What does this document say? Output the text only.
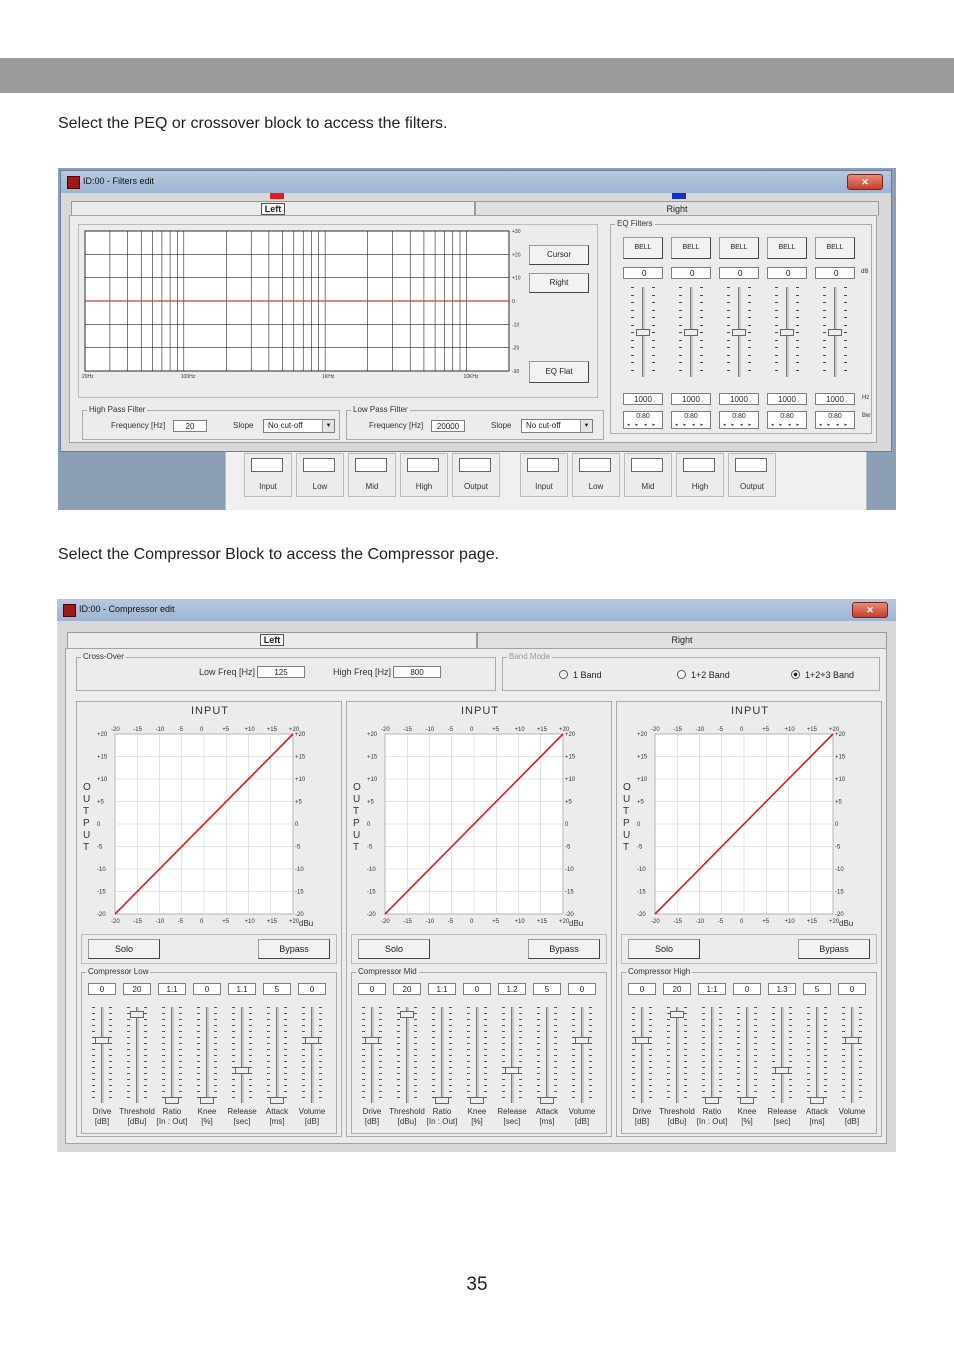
Select the PEQ or crossover block to access the filters.
Select the Compressor Block to access the Compressor page.
Input	Low	Mid	High	Output	Input	Low	Mid	High	Output
ID:00 - Filters edit	✕
Left	Right
+30
+20
+10
0
-10
-20
-30
20Hz	100Hz	1KHz	10KHz
Cursor
Right
EQ Flat
High Pass Filter
Frequency [Hz]	20	Slope	No cut-off	▼
Low Pass Filter
Frequency [Hz]	20000	Slope	No cut-off	▼
EQ Filters
BELL
0
1000
0.80
◂▸◂▸
BELL
0
1000
0.80
◂▸◂▸
BELL
0
1000
0.80
◂▸◂▸
BELL
0
1000
0.80
◂▸◂▸
BELL
0
1000
0.80
◂▸◂▸
dB
Hz
Bw
ID:00 - Compressor edit	✕
Left	Right
Cross-Over
Low Freq [Hz]	125	High Freq [Hz]	800
Band Mode
1 Band	1+2 Band	1+2+3 Band
INPUT
O
U
T
P
U
T
-20
-20
-20	-20
-15
-15
-15	-15
-10
-10
-10	-10
-5
-5
-5	-5
0
0
0	0
+5
+5
+5	+5
+10
+10
+10	+10
+15
+15
+15	+15
+20
+20
+20	+20
dBu
Solo	Bypass
Compressor Low
0
Drive
[dB]
20
Threshold
[dBu]
1:1
Ratio
[In : Out]
0
Knee
[%]
1.1
Release
[sec]
5
Attack
[ms]
0
Volume
[dB]
INPUT
O
U
T
P
U
T
-20
-20
-20	-20
-15
-15
-15	-15
-10
-10
-10	-10
-5
-5
-5	-5
0
0
0	0
+5
+5
+5	+5
+10
+10
+10	+10
+15
+15
+15	+15
+20
+20
+20	+20
dBu
Solo	Bypass
Compressor Mid
0
Drive
[dB]
20
Threshold
[dBu]
1:1
Ratio
[In : Out]
0
Knee
[%]
1.2
Release
[sec]
5
Attack
[ms]
0
Volume
[dB]
INPUT
O
U
T
P
U
T
-20
-20
-20	-20
-15
-15
-15	-15
-10
-10
-10	-10
-5
-5
-5	-5
0
0
0	0
+5
+5
+5	+5
+10
+10
+10	+10
+15
+15
+15	+15
+20
+20
+20	+20
dBu
Solo	Bypass
Compressor High
0
Drive
[dB]
20
Threshold
[dBu]
1:1
Ratio
[In : Out]
0
Knee
[%]
1.3
Release
[sec]
5
Attack
[ms]
0
Volume
[dB]
35
